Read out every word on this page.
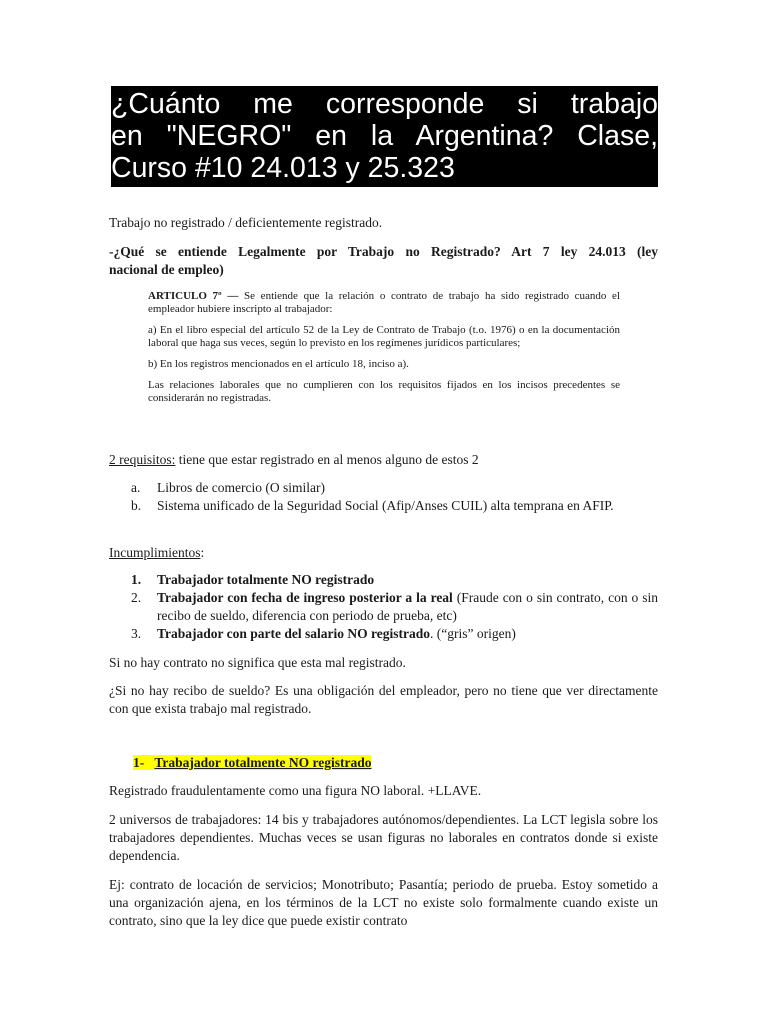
¿Cuánto me corresponde si trabajo
en "NEGRO" en la Argentina? Clase,
Curso #10 24.013 y 25.323
Trabajo no registrado / deficientemente registrado.
-¿Qué se entiende Legalmente por Trabajo no Registrado? Art 7 ley 24.013 (ley
nacional de empleo)

ARTICULO 7º — Se entiende que la relación o contrato de trabajo ha sido registrado cuando el empleador hubiere inscripto al trabajador:

a) En el libro especial del artículo 52 de la Ley de Contrato de Trabajo (t.o. 1976) o en la documentación laboral que haga sus veces, según lo previsto en los regímenes jurídicos particulares;

b) En los registros mencionados en el artículo 18, inciso a).

Las relaciones laborales que no cumplieren con los requisitos fijados en los incisos precedentes se considerarán no registradas.

2 requisitos: tiene que estar registrado en al menos alguno de estos 2
a. Libros de comercio (O similar)
b. Sistema unificado de la Seguridad Social (Afip/Anses CUIL) alta temprana en AFIP.
Incumplimientos:
1. Trabajador totalmente NO registrado
2. Trabajador con fecha de ingreso posterior a la real (Fraude con o sin contrato, con o sin recibo de sueldo, diferencia con periodo de prueba, etc)
3. Trabajador con parte del salario NO registrado. (“gris” origen)
Si no hay contrato no significa que esta mal registrado.
¿Si no hay recibo de sueldo? Es una obligación del empleador, pero no tiene que ver directamente con que exista trabajo mal registrado.
1- Trabajador totalmente NO registrado
Registrado fraudulentamente como una figura NO laboral. +LLAVE.
2 universos de trabajadores: 14 bis y trabajadores autónomos/dependientes. La LCT legisla sobre los trabajadores dependientes. Muchas veces se usan figuras no laborales en contratos donde si existe dependencia.
Ej: contrato de locación de servicios; Monotributo; Pasantía; periodo de prueba. Estoy sometido a una organización ajena, en los términos de la LCT no existe solo formalmente cuando existe un contrato, sino que la ley dice que puede existir contrato
